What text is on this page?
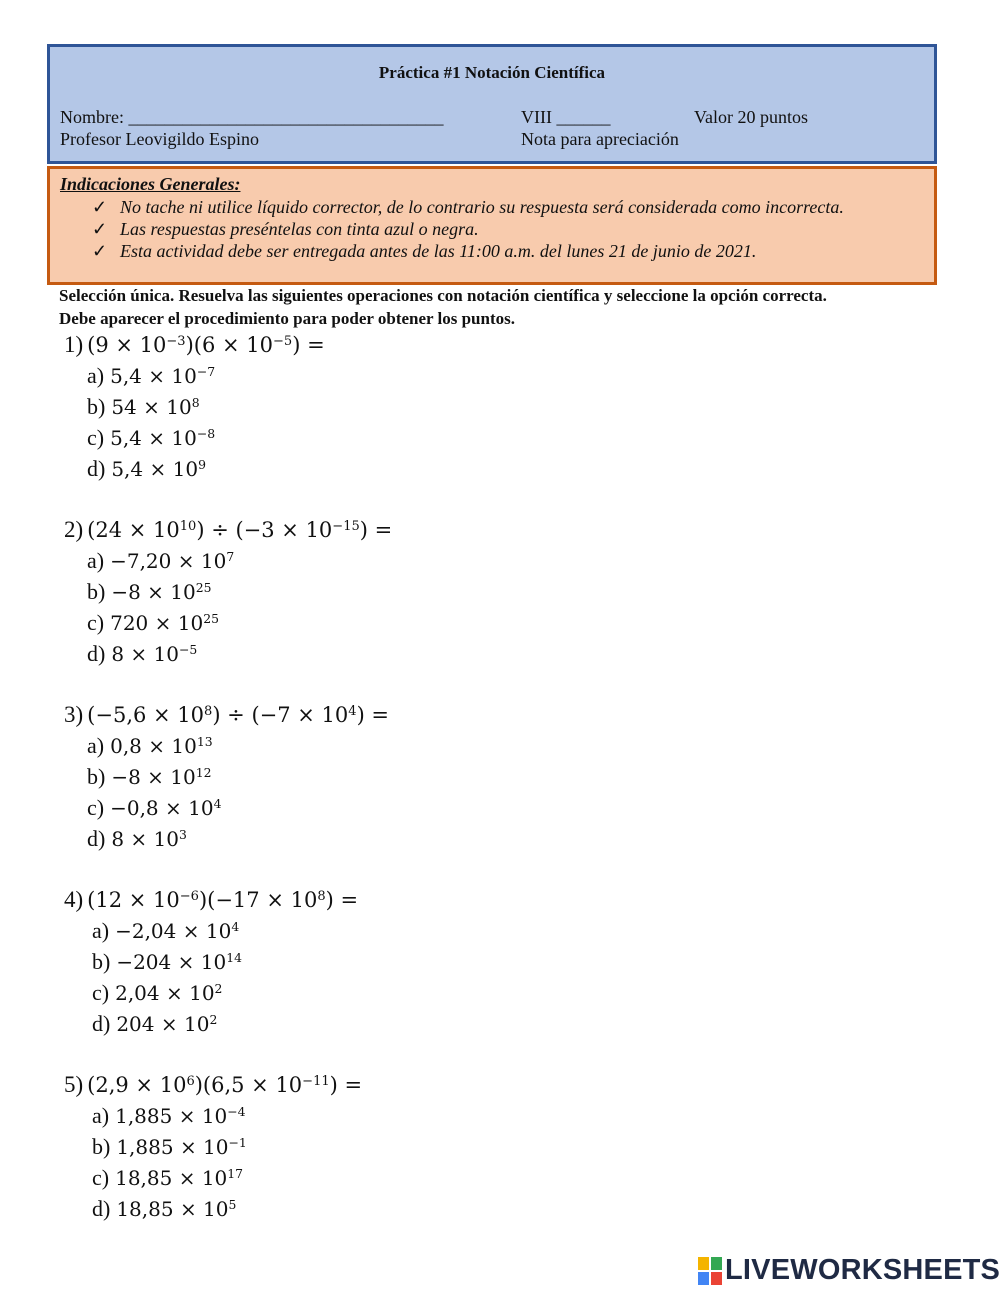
Práctica #1 Notación Científica
Nombre: ___________________________________
Profesor Leovigildo Espino
VIII ______	Valor 20 puntos
Nota para apreciación
Indicaciones Generales:
✓ No tache ni utilice líquido corrector, de lo contrario su respuesta será considerada como incorrecta.
✓ Las respuestas preséntelas con tinta azul o negra.
✓ Esta actividad debe ser entregada antes de las 11:00 a.m. del lunes 21 de junio de 2021.
Selección única. Resuelva las siguientes operaciones con notación científica y seleccione la opción correcta.
Debe aparecer el procedimiento para poder obtener los puntos.
1) $(9 \times 10^{-3})(6 \times 10^{-5})$ =
a) $5,4 \times 10^{-7}$
b) $54 \times 10^8$
c) $5,4 \times 10^{-8}$
d) $5,4 \times 10^9$
2) $(24 \times 10^{10}) \div (-3 \times 10^{-15})$ =
$a) -7,20 \times 10^7$
$b) -8 \times 10^{25}$
c) $720 \times 10^{25}$
d) $8 \times 10^{-5}$
3) $(-5,6 \times 10^8) \div (-7 \times 10^4)$ =
a) $0,8 \times 10^{13}$
$b) -8 \times 10^{12}$
$c) -0,8 \times 10^4$
d) $8 \times 10^3$
4) $(12 \times 10^{-6})(-17 \times 10^8)$ =
$a) -2,04 \times 10^4$
$b) -204 \times 10^{14}$
c) $2,04 \times 10^2$
d) $204 \times 10^2$
5) $(2,9 \times 10^6)(6,5 \times 10^{-11})$ =
a) $1,885 \times 10^{-4}$
b) $1,885 \times 10^{-1}$
c) $18,85 \times 10^{17}$
d) $18,85 \times 10^5$
LIVEWORKSHEETS
